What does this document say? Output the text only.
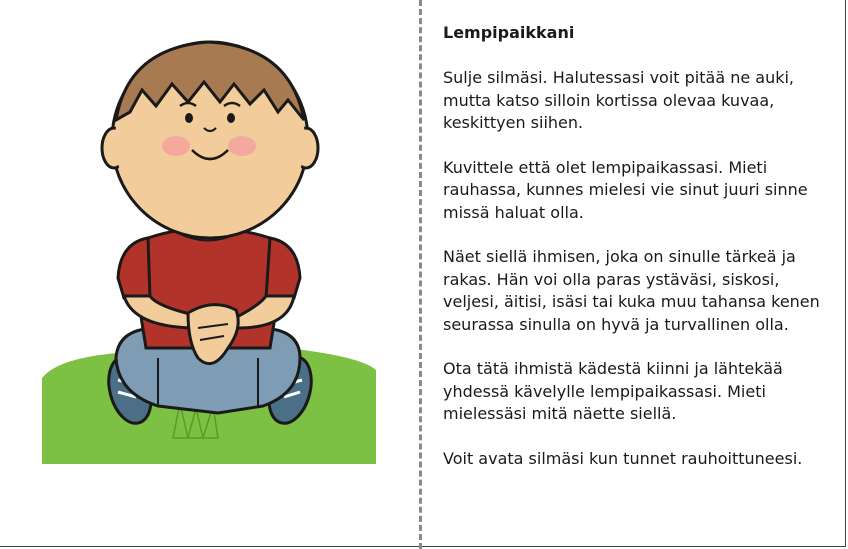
Lempipaikkani

Sulje silmäsi. Halutessasi voit pitää ne auki, mutta katso silloin kortissa olevaa kuvaa, keskittyen siihen.

Kuvittele että olet lempipaikassasi. Mieti rauhassa, kunnes mielesi vie sinut juuri sinne missä haluat olla.

Näet siellä ihmisen, joka on sinulle tärkeä ja rakas. Hän voi olla paras ystäväsi, siskosi, veljesi, äitisi, isäsi tai kuka muu tahansa kenen seurassa sinulla on hyvä ja turvallinen olla.

Ota tätä ihmistä kädestä kiinni ja lähtekää yhdessä kävelylle lempipaikassasi. Mieti mielessäsi mitä näette siellä.

Voit avata silmäsi kun tunnet rauhoittuneesi.
